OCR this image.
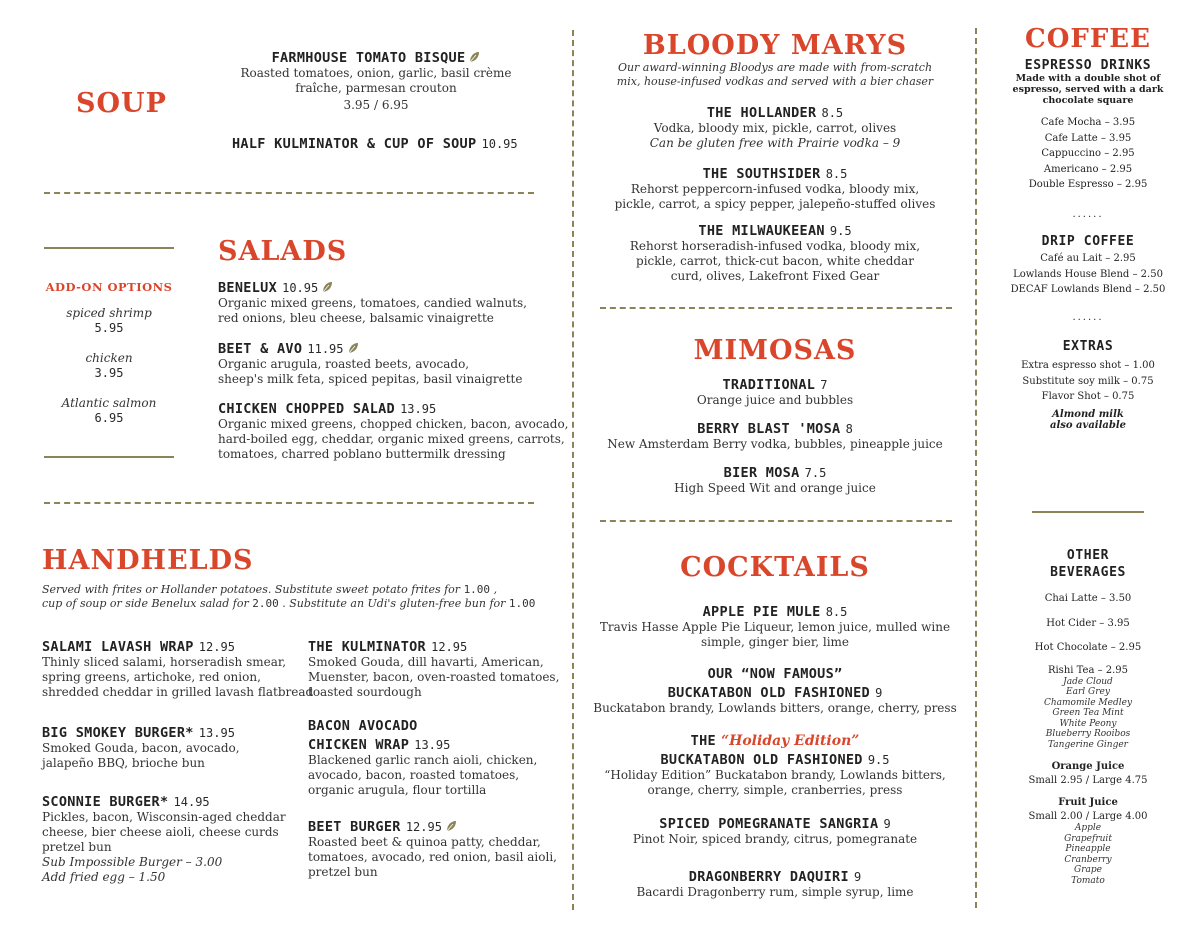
SOUP
FARMHOUSE TOMATO BISQUE
Roasted tomatoes, onion, garlic, basil crème
fraîche, parmesan crouton
3.95 / 6.95
HALF KULMINATOR & CUP OF SOUP 10.95
SALADS
ADD-ON OPTIONS
spiced shrimp
5.95
chicken
3.95
Atlantic salmon
6.95
BENELUX 10.95
Organic mixed greens, tomatoes, candied walnuts,
red onions, bleu cheese, balsamic vinaigrette
BEET & AVO 11.95
Organic arugula, roasted beets, avocado,
sheep's milk feta, spiced pepitas, basil vinaigrette
CHICKEN CHOPPED SALAD 13.95
Organic mixed greens, chopped chicken, bacon, avocado,
hard-boiled egg, cheddar, organic mixed greens, carrots,
tomatoes, charred poblano buttermilk dressing
HANDHELDS
Served with frites or Hollander potatoes. Substitute sweet potato frites for 1.00 ,
cup of soup or side Benelux salad for 2.00 . Substitute an Udi's gluten-free bun for 1.00
SALAMI LAVASH WRAP 12.95
Thinly sliced salami, horseradish smear,
spring greens, artichoke, red onion,
shredded cheddar in grilled lavash flatbread
BIG SMOKEY BURGER* 13.95
Smoked Gouda, bacon, avocado,
jalapeño BBQ, brioche bun
SCONNIE BURGER* 14.95
Pickles, bacon, Wisconsin-aged cheddar
cheese, bier cheese aioli, cheese curds
pretzel bun
Sub Impossible Burger – 3.00
Add fried egg – 1.50
THE KULMINATOR 12.95
Smoked Gouda, dill havarti, American,
Muenster, bacon, oven-roasted tomatoes,
toasted sourdough
BACON AVOCADO
CHICKEN WRAP 13.95
Blackened garlic ranch aioli, chicken,
avocado, bacon, roasted tomatoes,
organic arugula, flour tortilla
BEET BURGER 12.95
Roasted beet & quinoa patty, cheddar,
tomatoes, avocado, red onion, basil aioli,
pretzel bun
BLOODY MARYS
Our award-winning Bloodys are made with from-scratch
mix, house-infused vodkas and served with a bier chaser
THE HOLLANDER 8.5
Vodka, bloody mix, pickle, carrot, olives
Can be gluten free with Prairie vodka – 9
THE SOUTHSIDER 8.5
Rehorst peppercorn-infused vodka, bloody mix,
pickle, carrot, a spicy pepper, jalepeño-stuffed olives
THE MILWAUKEEAN 9.5
Rehorst horseradish-infused vodka, bloody mix,
pickle, carrot, thick-cut bacon, white cheddar
curd, olives, Lakefront Fixed Gear
MIMOSAS
TRADITIONAL 7
Orange juice and bubbles
BERRY BLAST 'MOSA 8
New Amsterdam Berry vodka, bubbles, pineapple juice
BIER MOSA 7.5
High Speed Wit and orange juice
COCKTAILS
APPLE PIE MULE 8.5
Travis Hasse Apple Pie Liqueur, lemon juice, mulled wine
simple, ginger bier, lime
OUR “NOW FAMOUS”
BUCKATABON OLD FASHIONED 9
Buckatabon brandy, Lowlands bitters, orange, cherry, press
THE “Holiday Edition”
BUCKATABON OLD FASHIONED 9.5
“Holiday Edition” Buckatabon brandy, Lowlands bitters,
orange, cherry, simple, cranberries, press
SPICED POMEGRANATE SANGRIA 9
Pinot Noir, spiced brandy, citrus, pomegranate
DRAGONBERRY DAQUIRI 9
Bacardi Dragonberry rum, simple syrup, lime
COFFEE
ESPRESSO DRINKS
Made with a double shot of
espresso, served with a dark
chocolate square
Cafe Mocha – 3.95
Cafe Latte – 3.95
Cappuccino – 2.95
Americano – 2.95
Double Espresso – 2.95
......
DRIP COFFEE
Café au Lait – 2.95
Lowlands House Blend – 2.50
DECAF Lowlands Blend – 2.50
......
EXTRAS
Extra espresso shot – 1.00
Substitute soy milk – 0.75
Flavor Shot – 0.75
Almond milk
also available
OTHER
BEVERAGES
Chai Latte – 3.50
Hot Cider – 3.95
Hot Chocolate – 2.95
Rishi Tea – 2.95
Jade Cloud
Earl Grey
Chamomile Medley
Green Tea Mint
White Peony
Blueberry Rooibos
Tangerine Ginger
Orange Juice
Small 2.95 / Large 4.75
Fruit Juice
Small 2.00 / Large 4.00
Apple
Grapefruit
Pineapple
Cranberry
Grape
Tomato
